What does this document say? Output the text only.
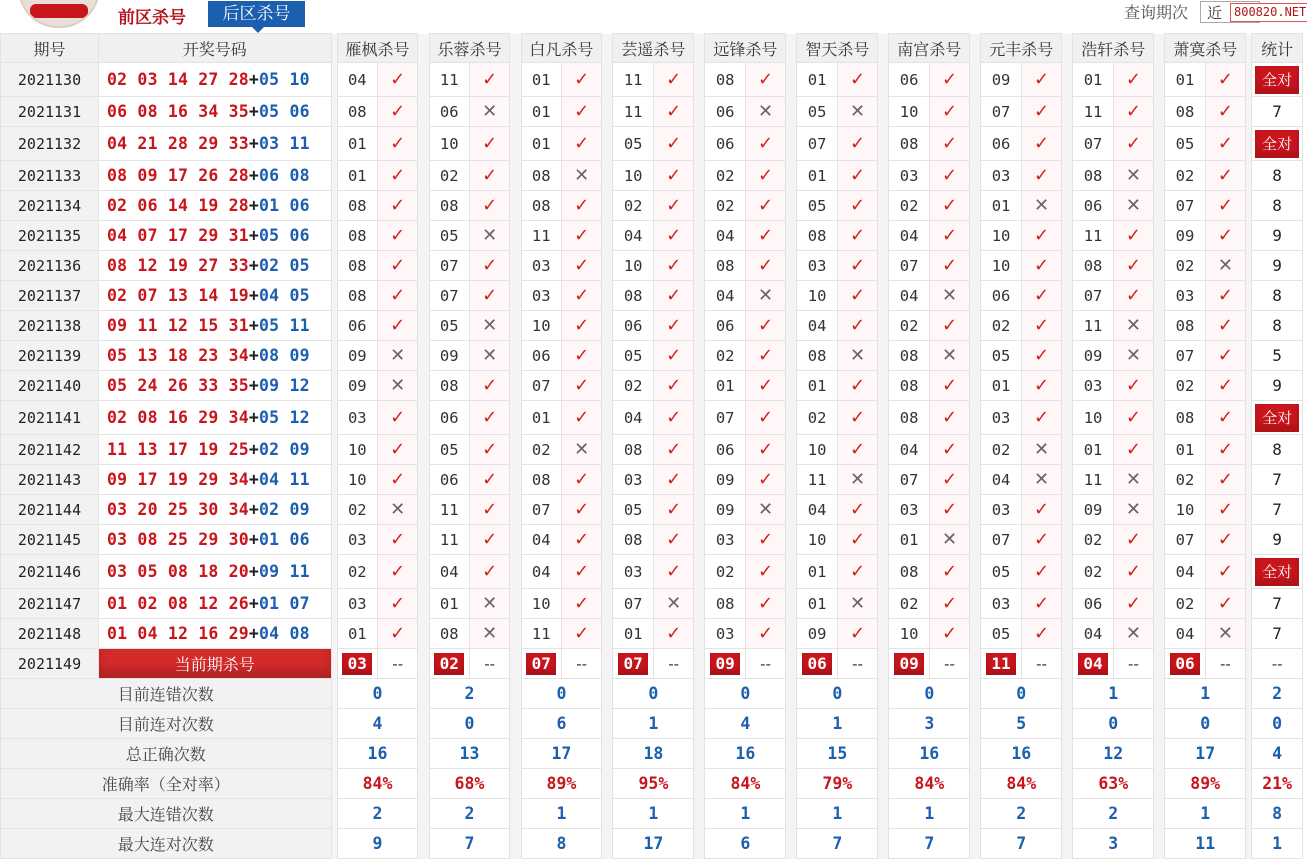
前区杀号	后区杀号	查询期次	近 800820.NET
期号	开奖号码		雁枫杀号			乐蓉杀号			白凡杀号			芸遥杀号			远锋杀号			智天杀号			南宫杀号			元丰杀号			浩轩杀号			萧寞杀号			统计
2021130	02 03 14 27 28+05 10		04	✓		11	✓		01	✓		11	✓		08	✓		01	✓		06	✓		09	✓		01	✓		01	✓		全对
2021131	06 08 16 34 35+05 06		08	✓		06	✕		01	✓		11	✓		06	✕		05	✕		10	✓		07	✓		11	✓		08	✓		7
2021132	04 21 28 29 33+03 11		01	✓		10	✓		01	✓		05	✓		06	✓		07	✓		08	✓		06	✓		07	✓		05	✓		全对
2021133	08 09 17 26 28+06 08		01	✓		02	✓		08	✕		10	✓		02	✓		01	✓		03	✓		03	✓		08	✕		02	✓		8
2021134	02 06 14 19 28+01 06		08	✓		08	✓		08	✓		02	✓		02	✓		05	✓		02	✓		01	✕		06	✕		07	✓		8
2021135	04 07 17 29 31+05 06		08	✓		05	✕		11	✓		04	✓		04	✓		08	✓		04	✓		10	✓		11	✓		09	✓		9
2021136	08 12 19 27 33+02 05		08	✓		07	✓		03	✓		10	✓		08	✓		03	✓		07	✓		10	✓		08	✓		02	✕		9
2021137	02 07 13 14 19+04 05		08	✓		07	✓		03	✓		08	✓		04	✕		10	✓		04	✕		06	✓		07	✓		03	✓		8
2021138	09 11 12 15 31+05 11		06	✓		05	✕		10	✓		06	✓		06	✓		04	✓		02	✓		02	✓		11	✕		08	✓		8
2021139	05 13 18 23 34+08 09		09	✕		09	✕		06	✓		05	✓		02	✓		08	✕		08	✕		05	✓		09	✕		07	✓		5
2021140	05 24 26 33 35+09 12		09	✕		08	✓		07	✓		02	✓		01	✓		01	✓		08	✓		01	✓		03	✓		02	✓		9
2021141	02 08 16 29 34+05 12		03	✓		06	✓		01	✓		04	✓		07	✓		02	✓		08	✓		03	✓		10	✓		08	✓		全对
2021142	11 13 17 19 25+02 09		10	✓		05	✓		02	✕		08	✓		06	✓		10	✓		04	✓		02	✕		01	✓		01	✓		8
2021143	09 17 19 29 34+04 11		10	✓		06	✓		08	✓		03	✓		09	✓		11	✕		07	✓		04	✕		11	✕		02	✓		7
2021144	03 20 25 30 34+02 09		02	✕		11	✓		07	✓		05	✓		09	✕		04	✓		03	✓		03	✓		09	✕		10	✓		7
2021145	03 08 25 29 30+01 06		03	✓		11	✓		04	✓		08	✓		03	✓		10	✓		01	✕		07	✓		02	✓		07	✓		9
2021146	03 05 08 18 20+09 11		02	✓		04	✓		04	✓		03	✓		02	✓		01	✓		08	✓		05	✓		02	✓		04	✓		全对
2021147	01 02 08 12 26+01 07		03	✓		01	✕		10	✓		07	✕		08	✓		01	✕		02	✓		03	✓		06	✓		02	✓		7
2021148	01 04 12 16 29+04 08		01	✓		08	✕		11	✓		01	✓		03	✓		09	✓		10	✓		05	✓		04	✕		04	✕		7
2021149	当前期杀号		03	--		02	--		07	--		07	--		09	--		06	--		09	--		11	--		04	--		06	--		--
目前连错次数			0			2			0			0			0			0			0			0			1			1			2
目前连对次数			4			0			6			1			4			1			3			5			0			0			0
总正确次数			16			13			17			18			16			15			16			16			12			17			4
准确率（全对率）			84%			68%			89%			95%			84%			79%			84%			84%			63%			89%			21%
最大连错次数			2			2			1			1			1			1			1			2			2			1			8
最大连对次数			9			7			8			17			6			7			7			7			3			11			1
